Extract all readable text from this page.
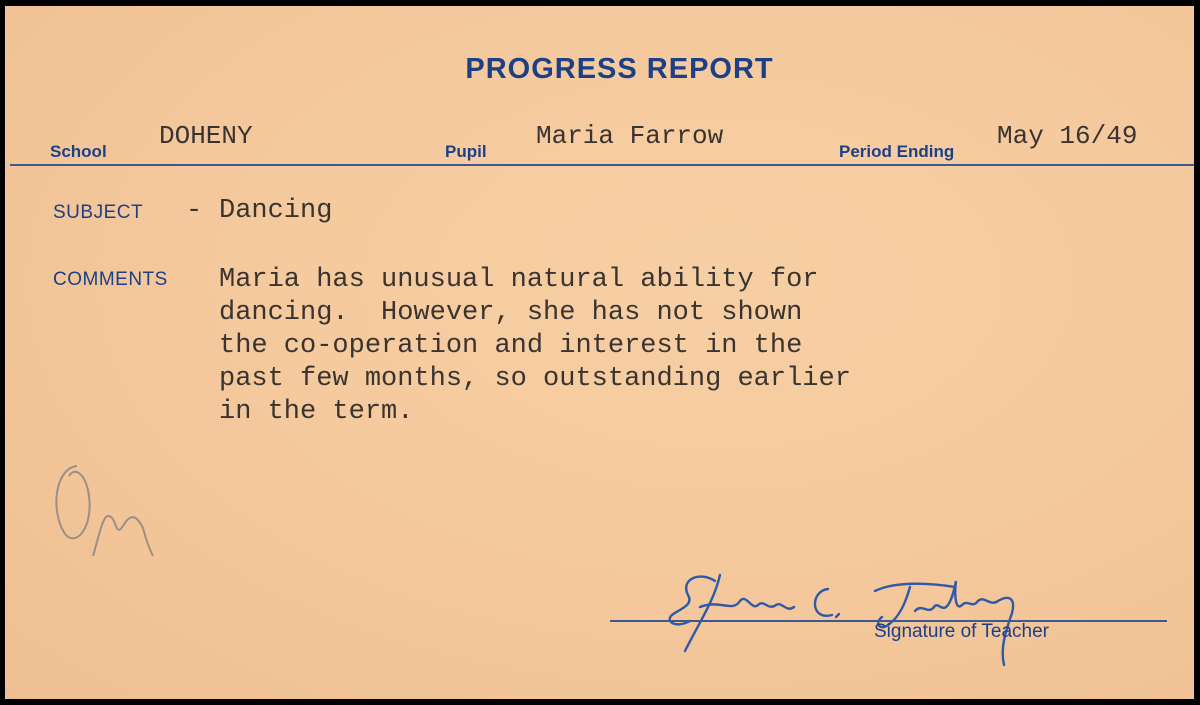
PROGRESS REPORT
School
DOHENY
Pupil
Maria Farrow
Period Ending
May 16/49
SUBJECT - Dancing
COMMENTS Maria has unusual natural ability for
dancing.  However, she has not shown
the co-operation and interest in the
past few months, so outstanding earlier
in the term.
Signature of Teacher
